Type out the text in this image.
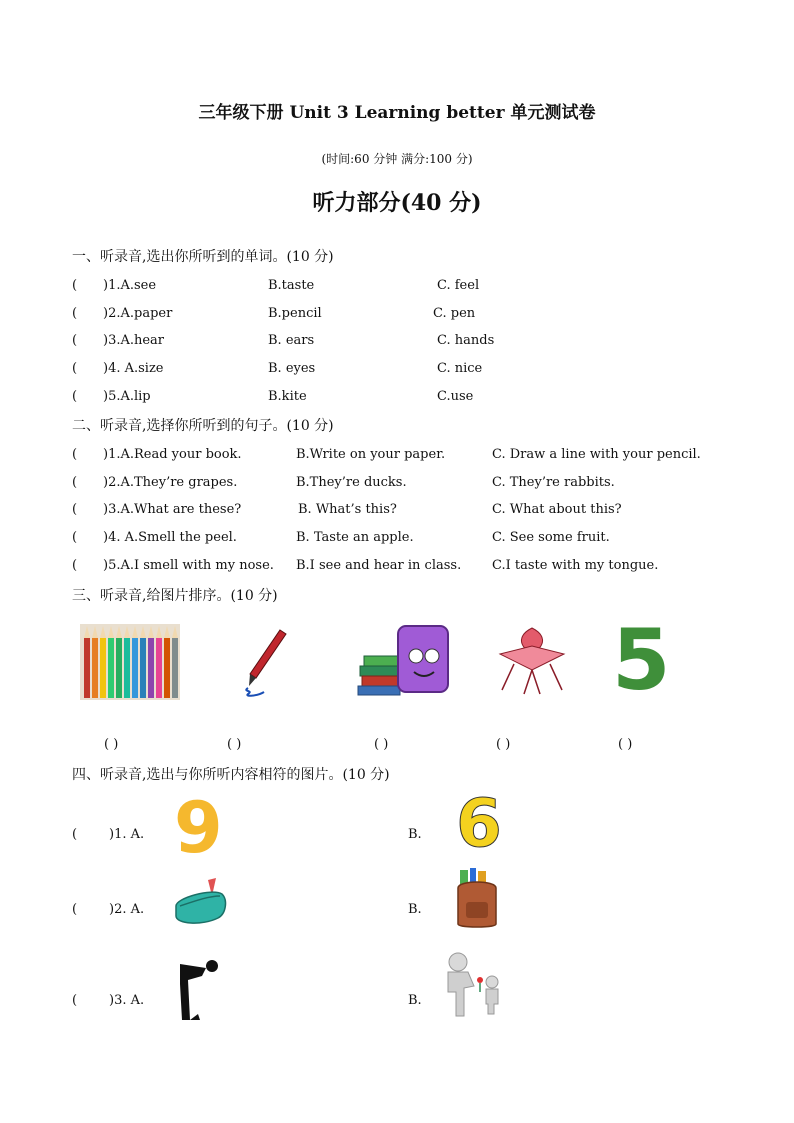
三年级下册 Unit 3 Learning better 单元测试卷
(时间:60 分钟 满分:100 分)
听力部分(40 分)
一、听录音,选出你所听到的单词。(10 分)
( )1.A.see	B.taste	C. feel
( )2.A.paper	B.pencil	C. pen
( )3.A.hear	B. ears	C. hands
( )4. A.size	B. eyes	C. nice
( )5.A.lip	B.kite	C.use
二、听录音,选择你所听到的句子。(10 分)
( )1.A.Read your book.	B.Write on your paper.	C. Draw a line with your pencil.
( )2.A.They’re grapes.	B.They’re ducks.	C. They’re rabbits.
( )3.A.What are these?	B. What’s this?	C. What about this?
( )4. A.Smell the peel.	B. Taste an apple.	C. See some fruit.
( )5.A.I smell with my nose. B.I see and hear in class. C.I taste with my tongue.
三、听录音,给图片排序。(10 分)
5
( )	( )	( )	( )	( )
四、听录音,选出与你所听内容相符的图片。(10 分)
( )1. A. 9	B. 6
( )2. A.	B.
( )3. A.	B.
